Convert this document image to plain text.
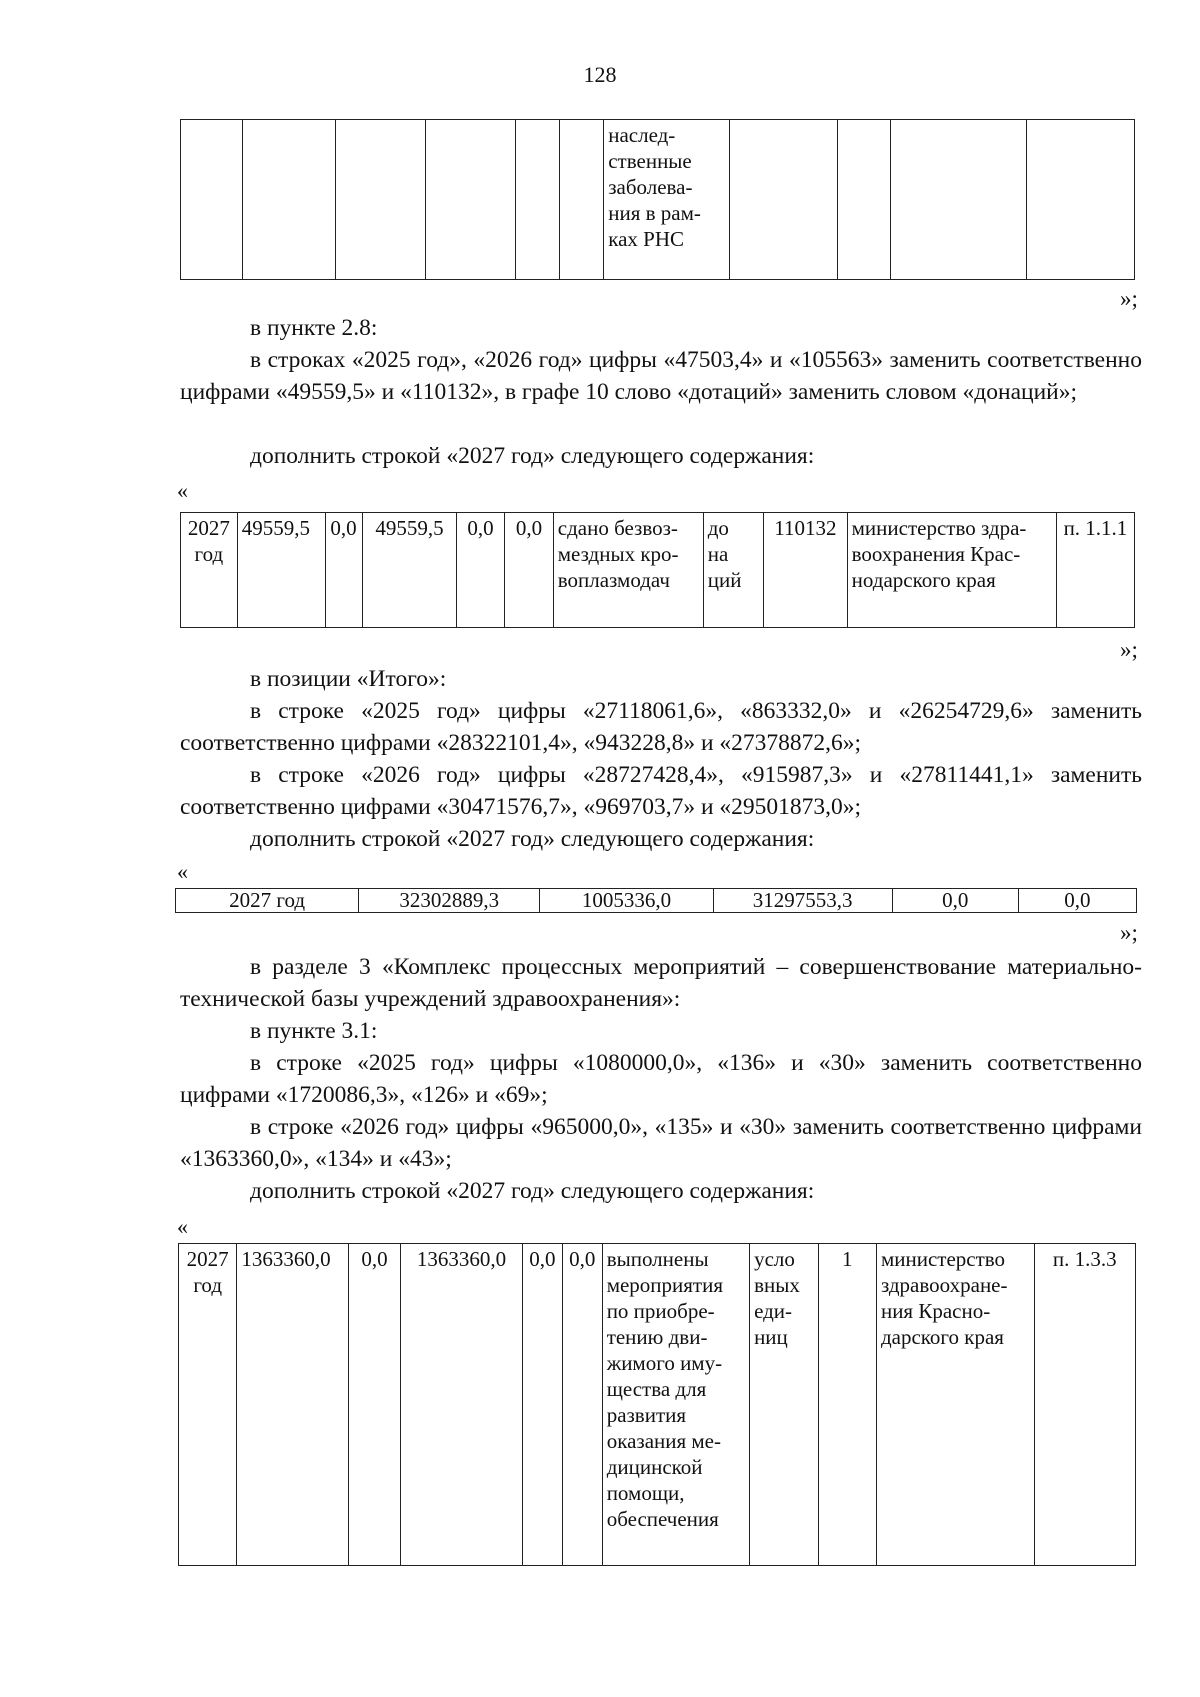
128
						наслед-
ственные
заболева-
ния в рам-
ках РНС				
»;
в пункте 2.8:
в строках «2025 год», «2026 год» цифры «47503,4» и «105563» заменить соответственно цифрами «49559,5» и «110132», в графе 10 слово «дотаций» заменить словом «донаций»;
дополнить строкой «2027 год» следующего содержания:
«
2027
год	49559,5	0,0	49559,5	0,0	0,0	сдано безвоз-
мездных кро-
воплазмодач	до
на
ций	110132	министерство здра-
воохранения Крас-
нодарского края	п. 1.1.1
»;
в позиции «Итого»:
в строке «2025 год» цифры «27118061,6», «863332,0» и «26254729,6» заменить соответственно цифрами «28322101,4», «943228,8» и «27378872,6»;
в строке «2026 год» цифры «28727428,4», «915987,3» и «27811441,1» заменить соответственно цифрами «30471576,7», «969703,7» и «29501873,0»;
дополнить строкой «2027 год» следующего содержания:
«
2027 год	32302889,3	1005336,0	31297553,3	0,0	0,0
»;
в разделе 3 «Комплекс процессных мероприятий – совершенствование материально-технической базы учреждений здравоохранения»:
в пункте 3.1:
в строке «2025 год» цифры «1080000,0», «136» и «30» заменить соответственно цифрами «1720086,3», «126» и «69»;
в строке «2026 год» цифры «965000,0», «135» и «30» заменить соответственно цифрами «1363360,0», «134» и «43»;
дополнить строкой «2027 год» следующего содержания:
«
2027
год	1363360,0	0,0	1363360,0	0,0	0,0	выполнены
мероприятия
по приобре-
тению дви-
жимого иму-
щества для
развития
оказания ме-
дицинской
помощи,
обеспечения	усло
вных
еди-
ниц	1	министерство
здравоохране-
ния Красно-
дарского края	п. 1.3.3
